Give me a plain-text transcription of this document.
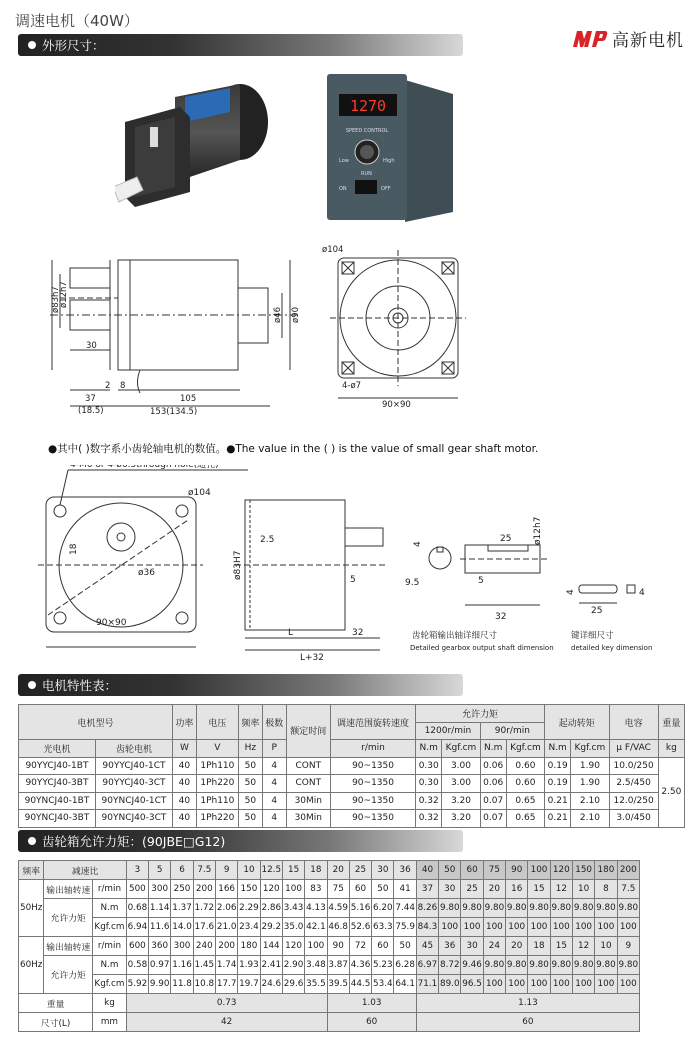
调速电机（40W）
高新电机
外形尺寸：
1270
SPEED CONTROL
Low	High
RUN
ON	OFF
ø83h7
ø12h7
30
2 8
37
(18.5)
105
153(134.5)
ø46 ø90
ø104
4-ø7
90×90
●其中( )数字系小齿轮轴电机的数值。●The value in the ( ) is the value of small gear shaft motor.
4-M6 or 4-ø6.5through hole(通孔)
ø104
18
ø36
90×90
2.5
ø83H7	5
L	32
L+32
4
9.5
25 ø12h7
5
32
齿轮箱输出轴详细尺寸
Detailed gearbox output shaft dimension
4
25
4
键详细尺寸
detailed key dimension
电机特性表：
电机型号		功率	电压	频率	极数	额定时间	调速范围旋转速度	允许力矩				起动转矩		电容	重量
								1200r/min		90r/min					

光电机	齿轮电机	W	V	Hz	P		r/min	N.m	Kgf.cm	N.m	Kgf.cm	N.m	Kgf.cm	μ F/VAC	kg
90YYCJ40-1BT	90YYCJ40-1CT	40	1Ph110	50	4	CONT	90~1350	0.30	3.00	0.06	0.60	0.19	1.90	10.0/250	2.50
90YYCJ40-3BT	90YYCJ40-3CT	40	1Ph220	50	4	CONT	90~1350	0.30	3.00	0.06	0.60	0.19	1.90	2.5/450	
90YNCJ40-1BT	90YNCJ40-1CT	40	1Ph110	50	4	30Min	90~1350	0.32	3.20	0.07	0.65	0.21	2.10	12.0/250	
90YNCJ40-3BT	90YNCJ40-3CT	40	1Ph220	50	4	30Min	90~1350	0.32	3.20	0.07	0.65	0.21	2.10	3.0/450	
齿轮箱允许力矩：(90JBE□G12)
频率	减速比		3	5	6	7.5	9	10	12.5	15	18	20	25	30	36	40	50	60	75	90	100	120	150	180	200
50Hz	输出轴转速	r/min	500	300	250	200	166	150	120	100	83	75	60	50	41	37	30	25	20	16	15	12	10	8	7.5
	允许力矩	N.m	0.68	1.14	1.37	1.72	2.06	2.29	2.86	3.43	4.13	4.59	5.16	6.20	7.44	8.26	9.80	9.80	9.80	9.80	9.80	9.80	9.80	9.80	9.80
		Kgf.cm	6.94	11.6	14.0	17.6	21.0	23.4	29.2	35.0	42.1	46.8	52.6	63.3	75.9	84.3	100	100	100	100	100	100	100	100	100
60Hz	输出轴转速	r/min	600	360	300	240	200	180	144	120	100	90	72	60	50	45	36	30	24	20	18	15	12	10	9
	允许力矩	N.m	0.58	0.97	1.16	1.45	1.74	1.93	2.41	2.90	3.48	3.87	4.36	5.23	6.28	6.97	8.72	9.46	9.80	9.80	9.80	9.80	9.80	9.80	9.80
		Kgf.cm	5.92	9.90	11.8	10.8	17.7	19.7	24.6	29.6	35.5	39.5	44.5	53.4	64.1	71.1	89.0	96.5	100	100	100	100	100	100	100
重量		kg	0.73									1.03				1.13									
尺寸(L)		mm	42									60				60									
